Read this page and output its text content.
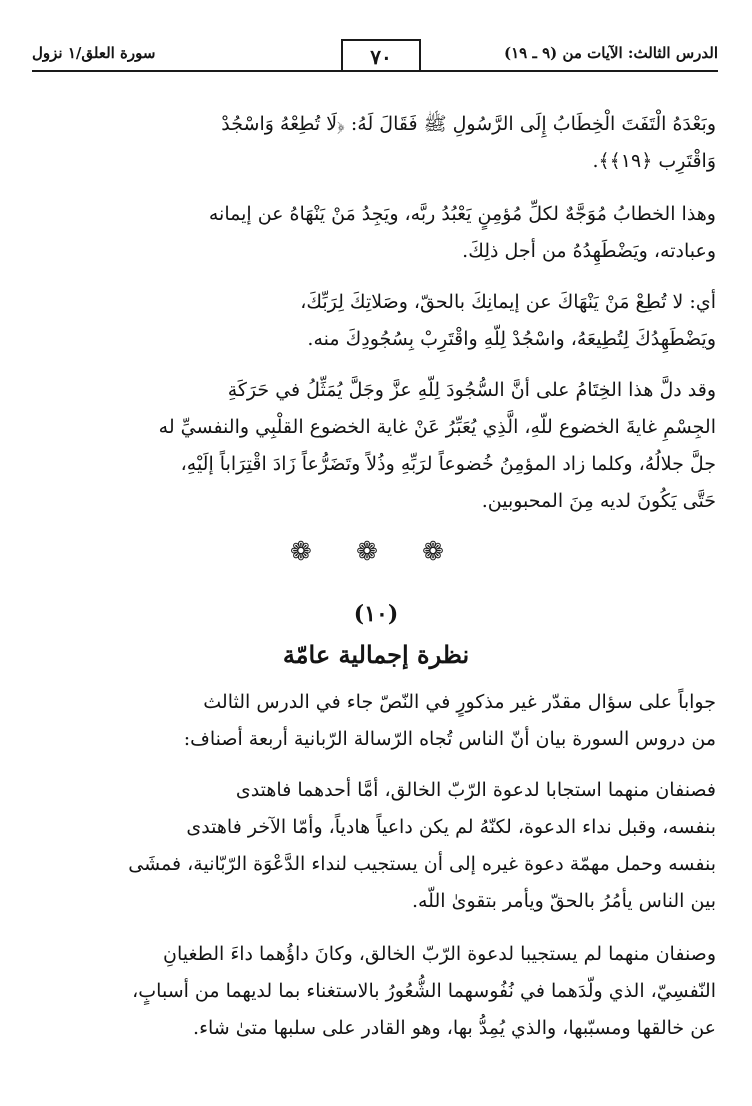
الدرس الثالث: الآيات من (٩ ـ ١٩)
٧٠
سورة العلق/١ نزول
وبَعْدَهُ الْتَفَتَ الْخِطَابُ إِلَى الرَّسُولِ ﷺ فَقَالَ لَهُ: ﴿لَا تُطِعْهُ وَاسْجُدْ
وَاقْتَرِب ﴿١٩﴾﴾.
وهذا الخطابُ مُوَجَّهٌ لكلِّ مُؤمِنٍ يَعْبُدُ ربَّه، ويَجِدُ مَنْ يَنْهَاهُ عن إيمانه
وعبادته، ويَضْطَهِدُهُ من أجل ذلِكَ.
أي: لا تُطِعْ مَنْ يَنْهَاكَ عن إيمانِكَ بالحقّ، وصَلاتِكَ لِرَبِّكَ،
ويَضْطَهِدُكَ لِتُطِيعَهُ، واسْجُدْ لِلّهِ واقْتَرِبْ بِسُجُودِكَ منه.
وقد دلَّ هذا الخِتَامُ على أنَّ السُّجُودَ لِلّهِ عزَّ وجَلَّ يُمَثِّلُ في حَرَكَةِ
الجِسْمِ غايةَ الخضوع للّهِ، الَّذِي يُعَبِّرُ عَنْ غاية الخضوع القلْبِي والنفسيِّ له
جلَّ جلالُهُ، وكلما زاد المؤمِنُ خُضوعاً لرَبِّهِ وذُلاً وتَضَرُّعاً زَادَ اقْتِرَاباً إلَيْهِ،
حَتَّى يَكُونَ لديه مِنَ المحبوبين.
❁ ❁ ❁
(١٠)
نظرة إجمالية عامّة
جواباً على سؤال مقدّر غير مذكورٍ في النّصّ جاء في الدرس الثالث
من دروس السورة بيان أنّ الناس تُجاه الرّسالة الرّبانية أربعة أصناف:
فصنفان منهما استجابا لدعوة الرّبّ الخالق، أمَّا أحدهما فاهتدى
بنفسه، وقبل نداء الدعوة، لكنّهُ لم يكن داعياً هادياً، وأمّا الآخر فاهتدى
بنفسه وحمل مهمّة دعوة غيره إلى أن يستجيب لنداء الدَّعْوَة الرّبّانية، فمشَى
بين الناس يأمُرُ بالحقّ ويأمر بتقوىٰ اللّه.
وصنفان منهما لم يستجيبا لدعوة الرّبّ الخالق، وكانَ داؤُهما داءَ الطغيانِ
النّفسِيّ، الذي ولّدَهما في نُفُوسهما الشُّعُورُ بالاستغناء بما لديهما من أسبابٍ،
عن خالقها ومسبّبها، والذي يُمِدُّ بها، وهو القادر على سلبها متىٰ شاء.
